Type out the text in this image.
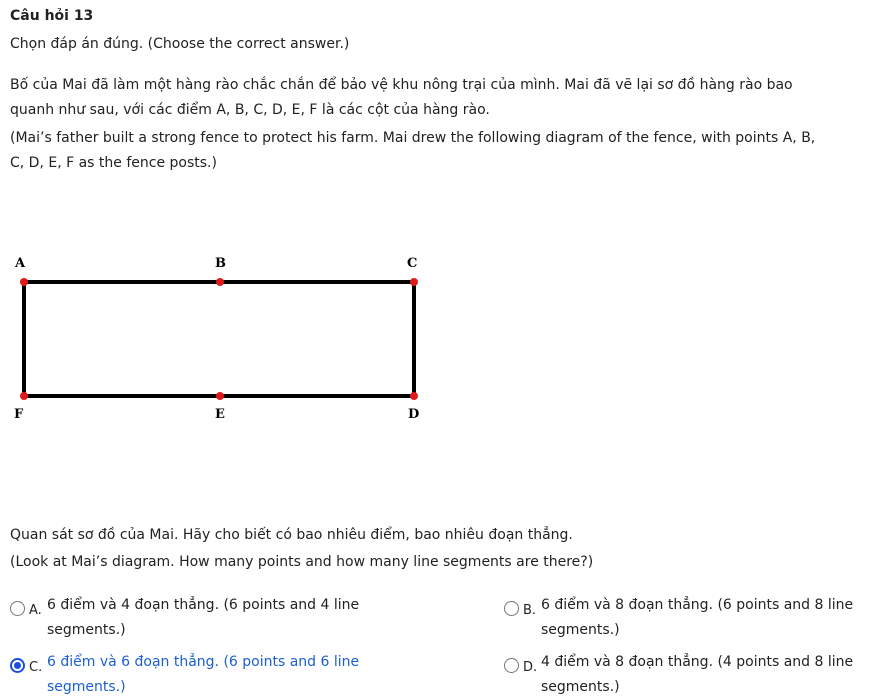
Câu hỏi 13
Chọn đáp án đúng. (Choose the correct answer.)
Bố của Mai đã làm một hàng rào chắc chắn để bảo vệ khu nông trại của mình. Mai đã vẽ lại sơ đồ hàng rào bao
quanh như sau, với các điểm A, B, C, D, E, F là các cột của hàng rào.
(Mai’s father built a strong fence to protect his farm. Mai drew the following diagram of the fence, with points A, B,
C, D, E, F as the fence posts.)
A	B	C
D
E
F
Quan sát sơ đồ của Mai. Hãy cho biết có bao nhiêu điểm, bao nhiêu đoạn thẳng.
(Look at Mai’s diagram. How many points and how many line segments are there?)
A. 6 điểm và 4 đoạn thẳng. (6 points and 4 line
segments.)
B. 6 điểm và 8 đoạn thẳng. (6 points and 8 line
segments.)
C. 6 điểm và 6 đoạn thẳng. (6 points and 6 line
segments.)
D. 4 điểm và 8 đoạn thẳng. (4 points and 8 line
segments.)
